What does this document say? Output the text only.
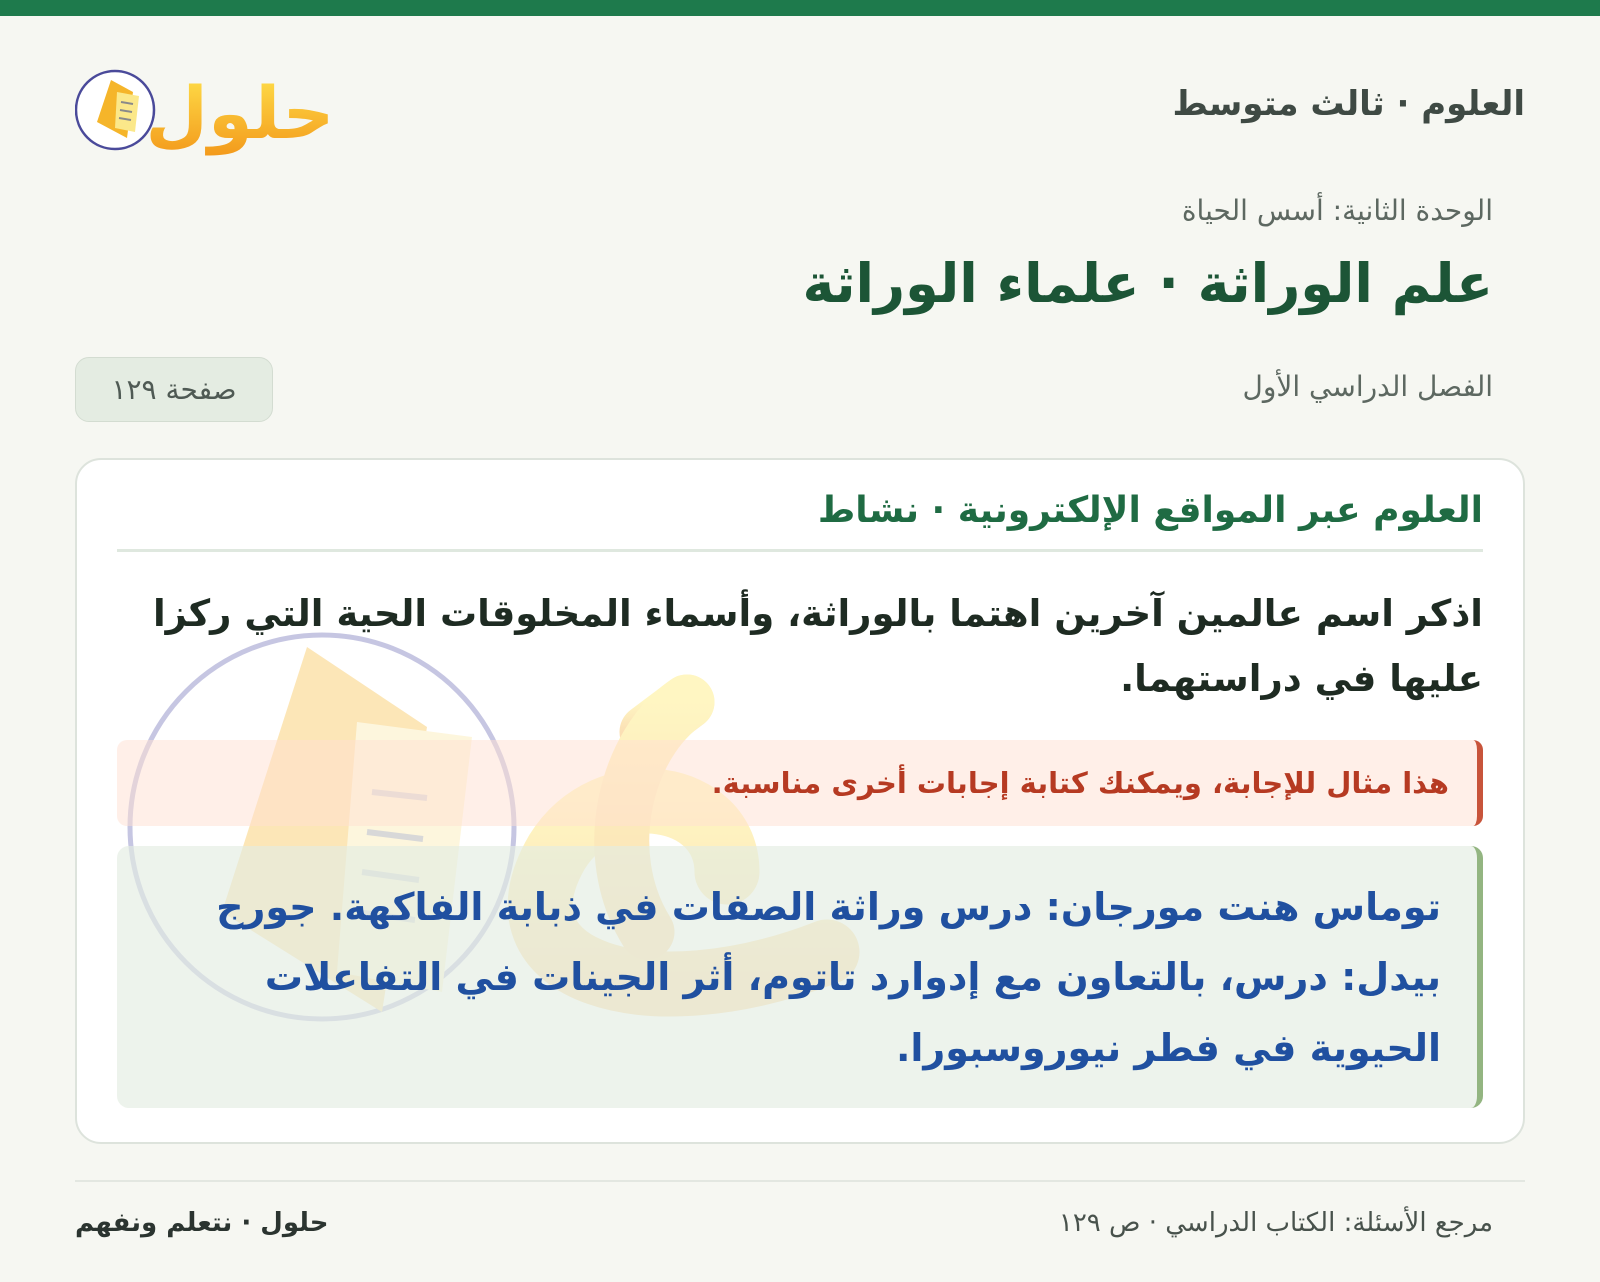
العلوم · ثالث متوسط
حلول
الوحدة الثانية: أسس الحياة
علم الوراثة · علماء الوراثة
الفصل الدراسي الأول
صفحة ١٢٩
العلوم عبر المواقع الإلكترونية · نشاط
اذكر اسم عالمين آخرين اهتما بالوراثة، وأسماء المخلوقات الحية التي ركزا عليها في دراستهما.
هذا مثال للإجابة، ويمكنك كتابة إجابات أخرى مناسبة.
توماس هنت مورجان: درس وراثة الصفات في ذبابة الفاكهة. جورج بيدل: درس، بالتعاون مع إدوارد تاتوم، أثر الجينات في التفاعلات الحيوية في فطر نيوروسبورا.
مرجع الأسئلة: الكتاب الدراسي · ص ١٢٩
حلول · نتعلم ونفهم
